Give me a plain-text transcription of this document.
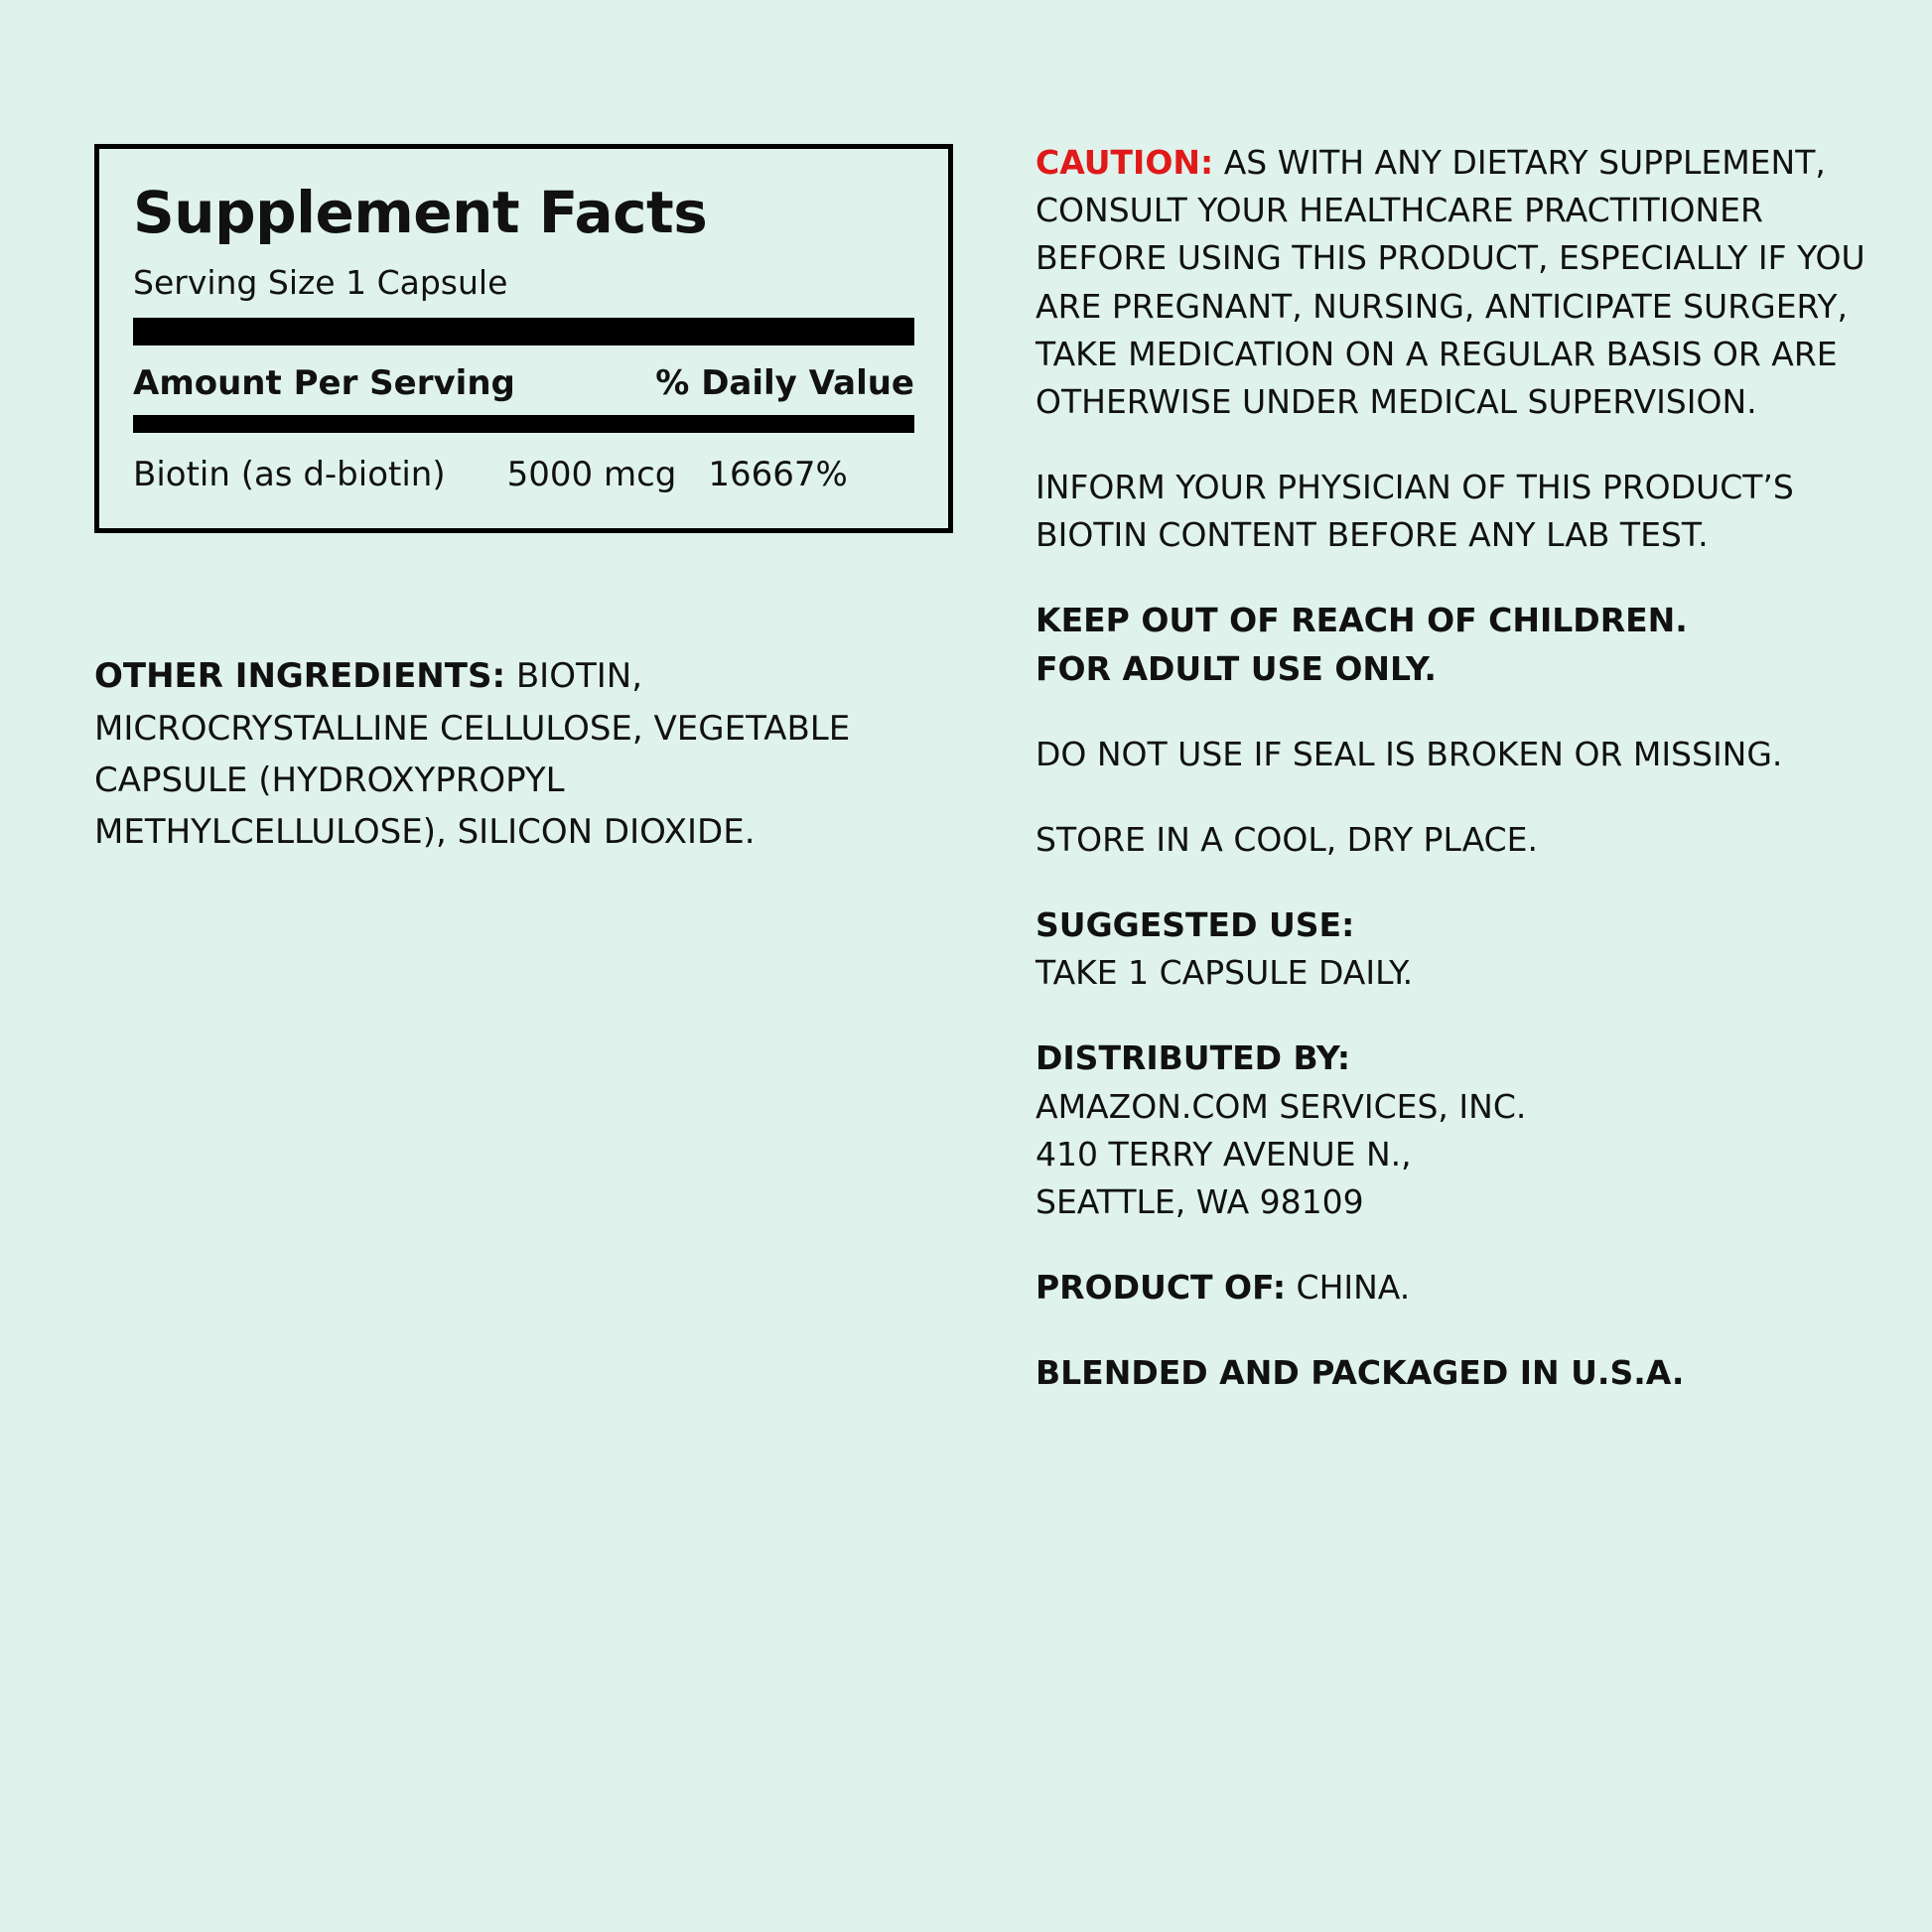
Supplement Facts
Serving Size 1 Capsule
Amount Per Serving	% Daily Value
Biotin (as d-biotin) 5000 mcg 16667%
OTHER INGREDIENTS: BIOTIN, MICROCRYSTALLINE CELLULOSE, VEGETABLE CAPSULE (HYDROXYPROPYL METHYLCELLULOSE), SILICON DIOXIDE.

CAUTION: AS WITH ANY DIETARY SUPPLEMENT, CONSULT YOUR HEALTHCARE PRACTITIONER BEFORE USING THIS PRODUCT, ESPECIALLY IF YOU ARE PREGNANT, NURSING, ANTICIPATE SURGERY, TAKE MEDICATION ON A REGULAR BASIS OR ARE OTHERWISE UNDER MEDICAL SUPERVISION.

INFORM YOUR PHYSICIAN OF THIS PRODUCT’S BIOTIN CONTENT BEFORE ANY LAB TEST.

KEEP OUT OF REACH OF CHILDREN.
FOR ADULT USE ONLY.

DO NOT USE IF SEAL IS BROKEN OR MISSING.

STORE IN A COOL, DRY PLACE.

SUGGESTED USE:
TAKE 1 CAPSULE DAILY.
DISTRIBUTED BY:
AMAZON.COM SERVICES, INC.
410 TERRY AVENUE N.,
SEATTLE, WA 98109

PRODUCT OF: CHINA.

BLENDED AND PACKAGED IN U.S.A.
